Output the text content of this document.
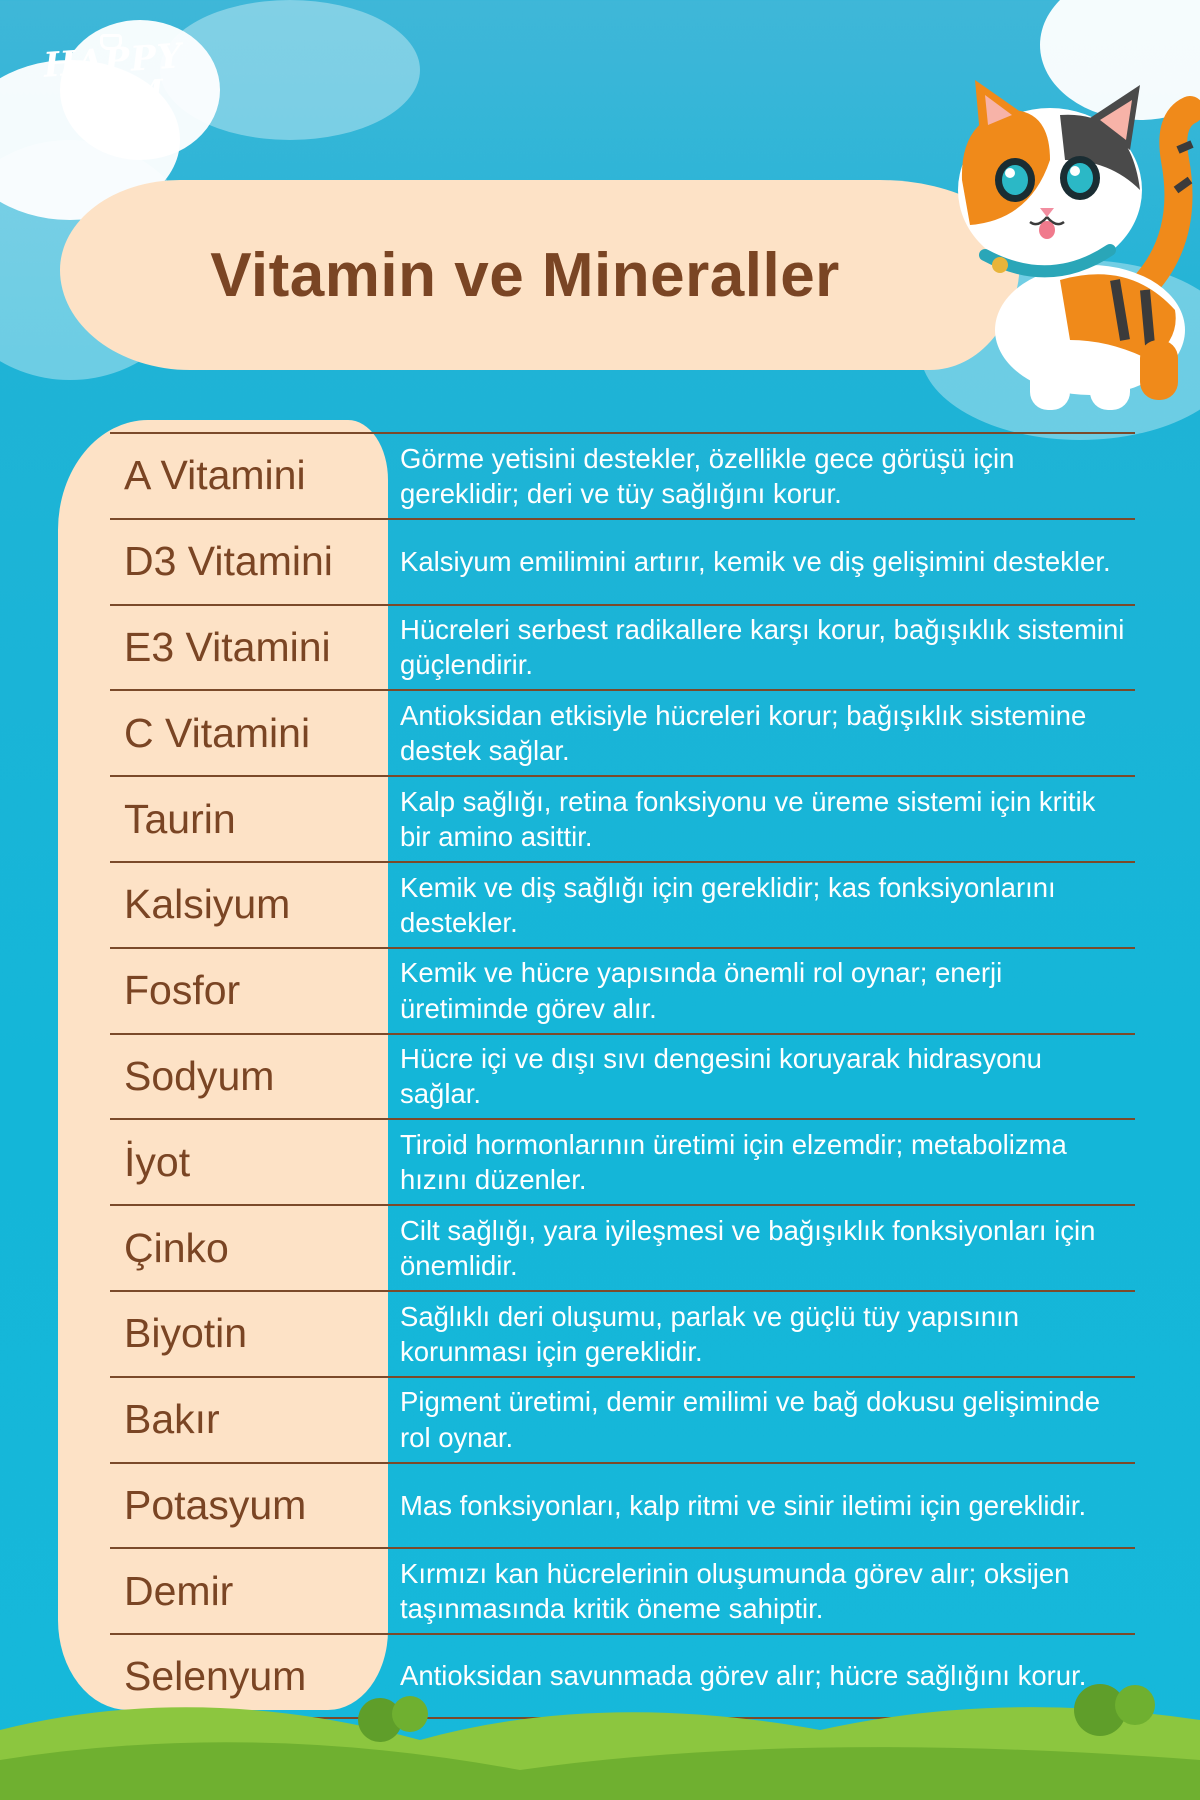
HAPPY
FARM
PET
Vitamin ve Mineraller
A Vitamini	Görme yetisini destekler, özellikle gece görüşü için gereklidir; deri ve tüy sağlığını korur.
D3 Vitamini	Kalsiyum emilimini artırır, kemik ve diş gelişimini destekler.
E3 Vitamini	Hücreleri serbest radikallere karşı korur, bağışıklık sistemini güçlendirir.
C Vitamini	Antioksidan etkisiyle hücreleri korur; bağışıklık sistemine destek sağlar.
Taurin	Kalp sağlığı, retina fonksiyonu ve üreme sistemi için kritik bir amino asittir.
Kalsiyum	Kemik ve diş sağlığı için gereklidir; kas fonksiyonlarını destekler.
Fosfor	Kemik ve hücre yapısında önemli rol oynar; enerji üretiminde görev alır.
Sodyum	Hücre içi ve dışı sıvı dengesini koruyarak hidrasyonu sağlar.
İyot	Tiroid hormonlarının üretimi için elzemdir; metabolizma hızını düzenler.
Çinko	Cilt sağlığı, yara iyileşmesi ve bağışıklık fonksiyonları için önemlidir.
Biyotin	Sağlıklı deri oluşumu, parlak ve güçlü tüy yapısının korunması için gereklidir.
Bakır	Pigment üretimi, demir emilimi ve bağ dokusu gelişiminde rol oynar.
Potasyum	Mas fonksiyonları, kalp ritmi ve sinir iletimi için gereklidir.
Demir	Kırmızı kan hücrelerinin oluşumunda görev alır; oksijen taşınmasında kritik öneme sahiptir.
Selenyum	Antioksidan savunmada görev alır; hücre sağlığını korur.
